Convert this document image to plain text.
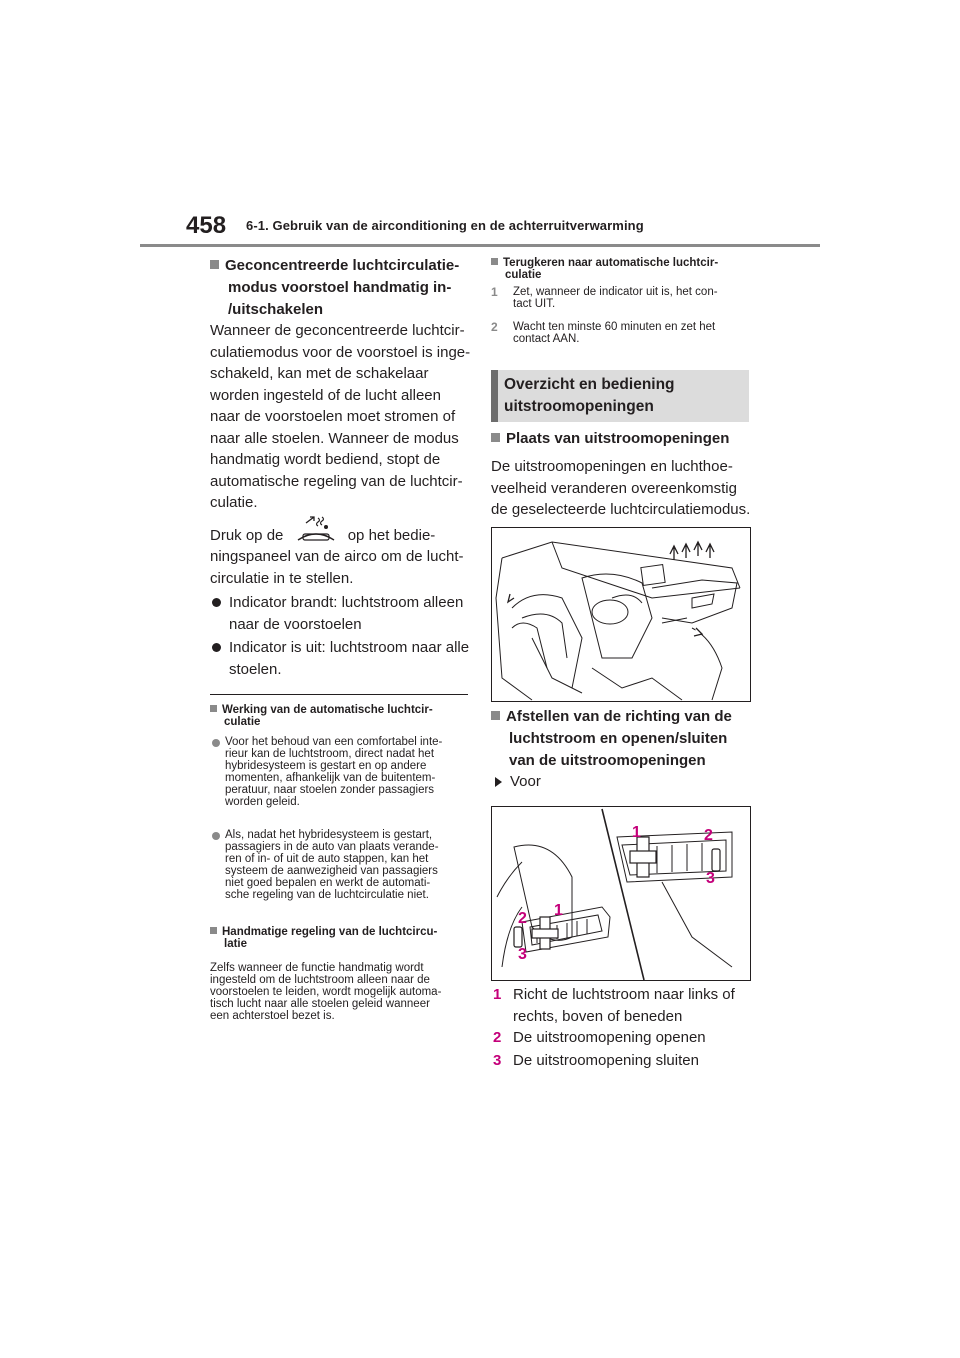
458 6-1. Gebruik van de airconditioning en de achterruitverwarming
Geconcentreerde luchtcirculatie-
modus voorstoel handmatig in-
/uitschakelen
Wanneer de geconcentreerde luchtcir-
culatiemodus voor de voorstoel is inge-
schakeld, kan met de schakelaar
worden ingesteld of de lucht alleen
naar de voorstoelen moet stromen of
naar alle stoelen. Wanneer de modus
handmatig wordt bediend, stopt de
automatische regeling van de luchtcir-
culatie.
Druk op de	op het bedie-
ningspaneel van de airco om de lucht-
circulatie in te stellen.
Indicator brandt: luchtstroom alleen
naar de voorstoelen
Indicator is uit: luchtstroom naar alle
stoelen.
Werking van de automatische luchtcir-
culatie
Voor het behoud van een comfortabel inte-
rieur kan de luchtstroom, direct nadat het
hybridesysteem is gestart en op andere
momenten, afhankelijk van de buitentem-
peratuur, naar stoelen zonder passagiers
worden geleid.
Als, nadat het hybridesysteem is gestart,
passagiers in de auto van plaats verande-
ren of in- of uit de auto stappen, kan het
systeem de aanwezigheid van passagiers
niet goed bepalen en werkt de automati-
sche regeling van de luchtcirculatie niet.
Handmatige regeling van de luchtcircu-
latie
Zelfs wanneer de functie handmatig wordt
ingesteld om de luchtstroom alleen naar de
voorstoelen te leiden, wordt mogelijk automa-
tisch lucht naar alle stoelen geleid wanneer
een achterstoel bezet is.
Terugkeren naar automatische luchtcir-
culatie
1 Zet, wanneer de indicator uit is, het con-
tact UIT.
2 Wacht ten minste 60 minuten en zet het
contact AAN.
Overzicht en bediening
uitstroomopeningen
Plaats van uitstroomopeningen
De uitstroomopeningen en luchthoe-
veelheid veranderen overeenkomstig
de geselecteerde luchtcirculatiemodus.
Afstellen van de richting van de
luchtstroom en openen/sluiten
van de uitstroomopeningen
Voor
1	2
3
1
2
3
1 Richt de luchtstroom naar links of
rechts, boven of beneden
2 De uitstroomopening openen
3 De uitstroomopening sluiten
